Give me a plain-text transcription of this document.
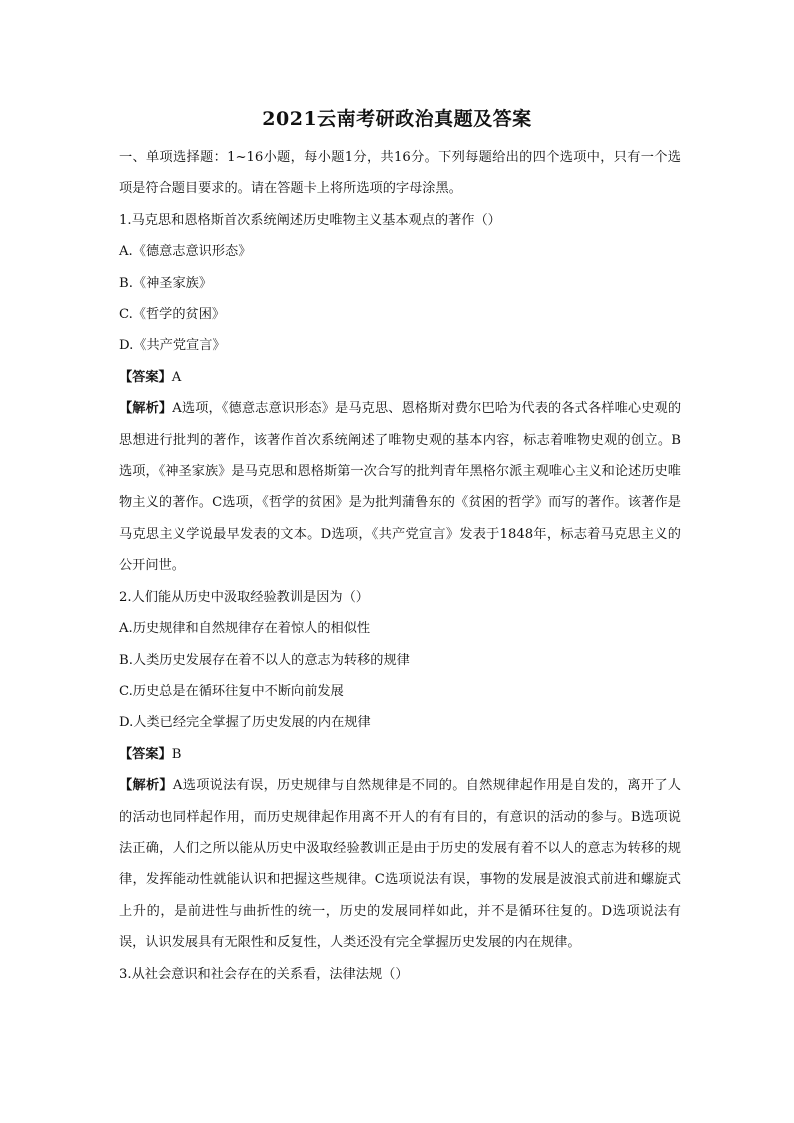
2021云南考研政治真题及答案

一、单项选择题：1~16小题，每小题1分，共16分。下列每题给出的四个选项中，只有一个选项是符合题目要求的。请在答题卡上将所选项的字母涂黑。

1.马克思和恩格斯首次系统阐述历史唯物主义基本观点的著作（）

A.《德意志意识形态》

B.《神圣家族》

C.《哲学的贫困》

D.《共产党宣言》

【答案】A

【解析】A选项，《德意志意识形态》是马克思、恩格斯对费尔巴哈为代表的各式各样唯心史观的思想进行批判的著作，该著作首次系统阐述了唯物史观的基本内容，标志着唯物史观的创立。B选项，《神圣家族》是马克思和恩格斯第一次合写的批判青年黑格尔派主观唯心主义和论述历史唯物主义的著作。C选项，《哲学的贫困》是为批判蒲鲁东的《贫困的哲学》而写的著作。该著作是马克思主义学说最早发表的文本。D选项，《共产党宣言》发表于1848年，标志着马克思主义的公开问世。

2.人们能从历史中汲取经验教训是因为（）

A.历史规律和自然规律存在着惊人的相似性

B.人类历史发展存在着不以人的意志为转移的规律

C.历史总是在循环往复中不断向前发展

D.人类已经完全掌握了历史发展的内在规律

【答案】B

【解析】A选项说法有误，历史规律与自然规律是不同的。自然规律起作用是自发的，离开了人的活动也同样起作用，而历史规律起作用离不开人的有有目的，有意识的活动的参与。B选项说法正确，人们之所以能从历史中汲取经验教训正是由于历史的发展有着不以人的意志为转移的规律，发挥能动性就能认识和把握这些规律。C选项说法有误，事物的发展是波浪式前进和螺旋式上升的，是前进性与曲折性的统一，历史的发展同样如此，并不是循环往复的。D选项说法有误，认识发展具有无限性和反复性，人类还没有完全掌握历史发展的内在规律。

3.从社会意识和社会存在的关系看，法律法规（）
